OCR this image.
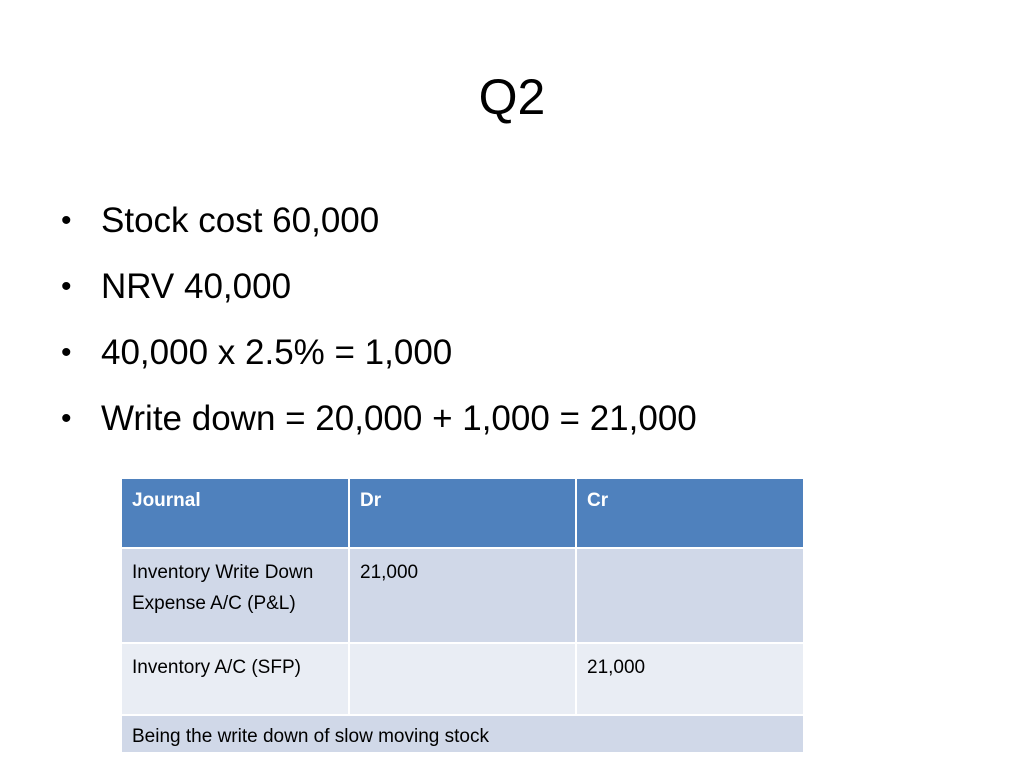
Q2
• Stock cost 60,000
• NRV 40,000
• 40,000 x 2.5% = 1,000
• Write down = 20,000 + 1,000 = 21,000
Journal	Dr	Cr
Inventory Write Down Expense A/C (P&L)	21,000	
Inventory A/C (SFP)		21,000
Being the write down of slow moving stock		
